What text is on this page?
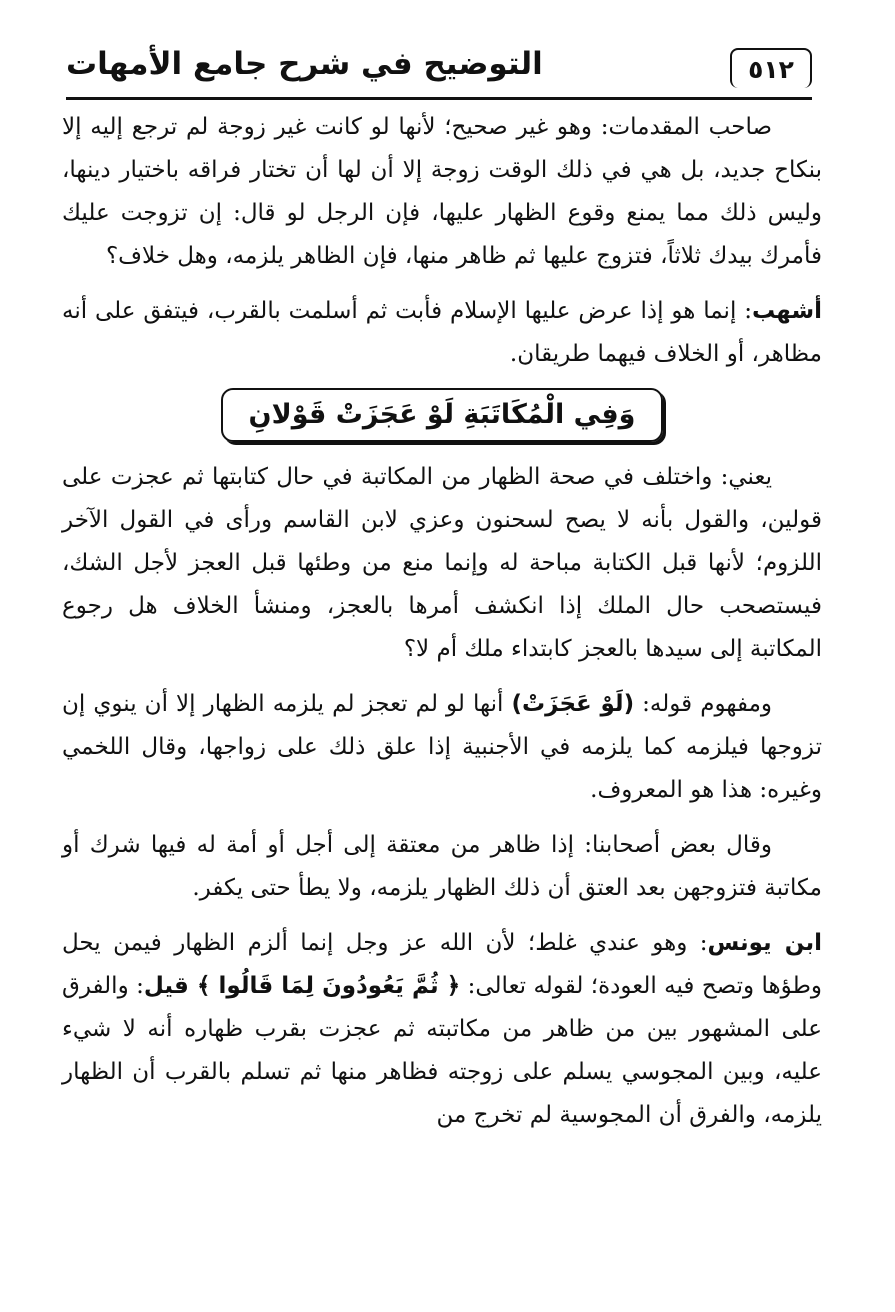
٥١٢
التوضيح في شرح جامع الأمهات

صاحب المقدمات: وهو غير صحيح؛ لأنها لو كانت غير زوجة لم ترجع إليه إلا بنكاح جديد، بل هي في ذلك الوقت زوجة إلا أن لها أن تختار فراقه باختيار دينها، وليس ذلك مما يمنع وقوع الظهار عليها، فإن الرجل لو قال: إن تزوجت عليك فأمرك بيدك ثلاثاً، فتزوج عليها ثم ظاهر منها، فإن الظاهر يلزمه، وهل خلاف؟

أشهب: إنما هو إذا عرض عليها الإسلام فأبت ثم أسلمت بالقرب، فيتفق على أنه مظاهر، أو الخلاف فيهما طريقان.

وَفِي الْمُكَاتَبَةِ لَوْ عَجَزَتْ قَوْلانِ

يعني: واختلف في صحة الظهار من المكاتبة في حال كتابتها ثم عجزت على قولين، والقول بأنه لا يصح لسحنون وعزي لابن القاسم ورأى في القول الآخر اللزوم؛ لأنها قبل الكتابة مباحة له وإنما منع من وطئها قبل العجز لأجل الشك، فيستصحب حال الملك إذا انكشف أمرها بالعجز، ومنشأ الخلاف هل رجوع المكاتبة إلى سيدها بالعجز كابتداء ملك أم لا؟

ومفهوم قوله: (لَوْ عَجَزَتْ) أنها لو لم تعجز لم يلزمه الظهار إلا أن ينوي إن تزوجها فيلزمه كما يلزمه في الأجنبية إذا علق ذلك على زواجها، وقال اللخمي وغيره: هذا هو المعروف.

وقال بعض أصحابنا: إذا ظاهر من معتقة إلى أجل أو أمة له فيها شرك أو مكاتبة فتزوجهن بعد العتق أن ذلك الظهار يلزمه، ولا يطأ حتى يكفر.

ابن يونس: وهو عندي غلط؛ لأن الله عز وجل إنما ألزم الظهار فيمن يحل وطؤها وتصح فيه العودة؛ لقوله تعالى: ﴿ ثُمَّ يَعُودُونَ لِمَا قَالُوا ﴾ قيل: والفرق على المشهور بين من ظاهر من مكاتبته ثم عجزت بقرب ظهاره أنه لا شيء عليه، وبين المجوسي يسلم على زوجته فظاهر منها ثم تسلم بالقرب أن الظهار يلزمه، والفرق أن المجوسية لم تخرج من
